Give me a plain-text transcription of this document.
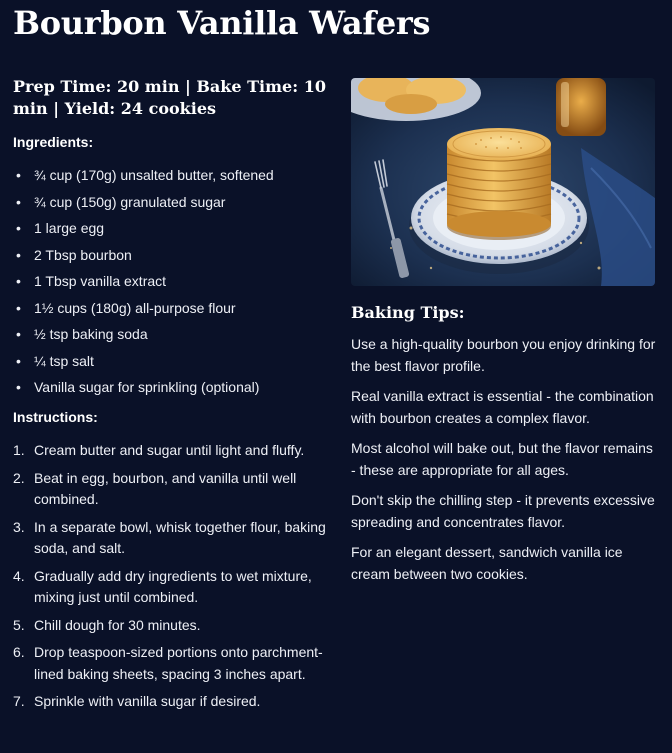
Bourbon Vanilla Wafers

Prep Time: 20 min | Bake Time: 10 min | Yield: 24 cookies

Ingredients:
• ¾ cup (170g) unsalted butter, softened
• ¾ cup (150g) granulated sugar
• 1 large egg
• 2 Tbsp bourbon
• 1 Tbsp vanilla extract
• 1½ cups (180g) all-purpose flour
• ½ tsp baking soda
• ¼ tsp salt
• Vanilla sugar for sprinkling (optional)
Instructions:
1. Cream butter and sugar until light and fluffy.
2. Beat in egg, bourbon, and vanilla until well combined.
3. In a separate bowl, whisk together flour, baking soda, and salt.
4. Gradually add dry ingredients to wet mixture, mixing just until combined.
5. Chill dough for 30 minutes.
6. Drop teaspoon-sized portions onto parchment-lined baking sheets, spacing 3 inches apart.
7. Sprinkle with vanilla sugar if desired.
Baking Tips:

Use a high-quality bourbon you enjoy drinking for the best flavor profile.

Real vanilla extract is essential - the combination with bourbon creates a complex flavor.

Most alcohol will bake out, but the flavor remains - these are appropriate for all ages.

Don't skip the chilling step - it prevents excessive spreading and concentrates flavor.

For an elegant dessert, sandwich vanilla ice cream between two cookies.
